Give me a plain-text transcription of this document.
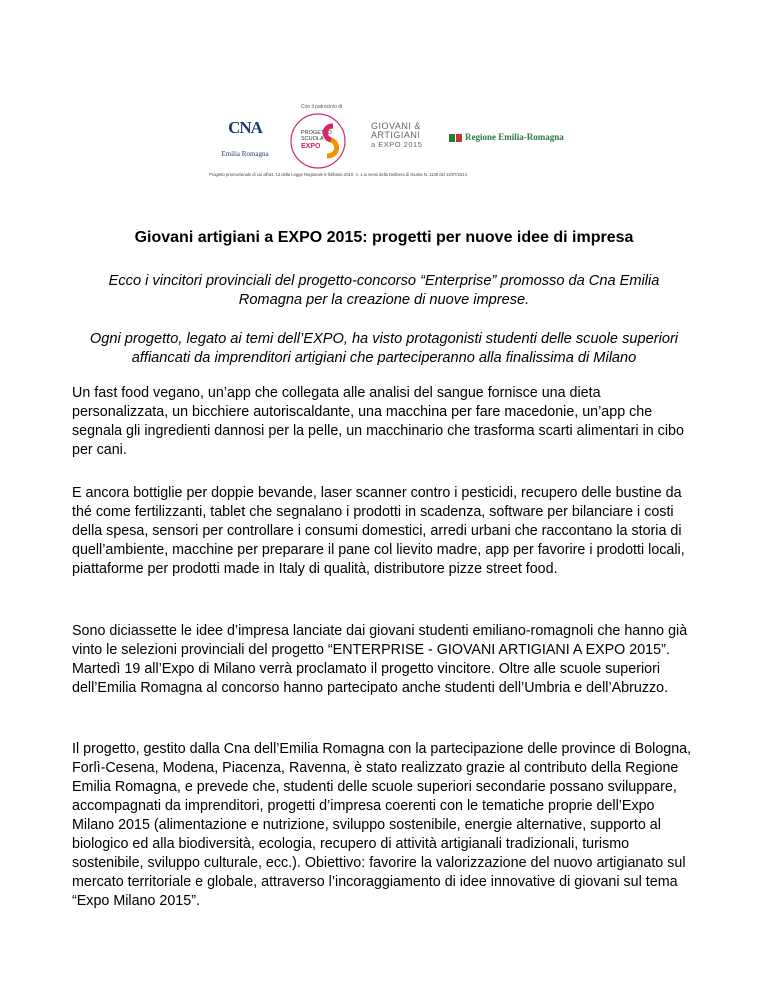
CNA
Emilia Romagna
Con il patrocinio di
PROGETTO
SCUOLA
EXPO
GIOVANI &
ARTIGIANI
a EXPO 2015
Regione Emilia-Romagna
Progetto promozionale di cui all'art. 13 della Legge Regionale 9 febbraio 2010, n. 1 ai sensi della Delibera di Giunta N. 1138 del 14/07/2014
Giovani artigiani a EXPO 2015: progetti per nuove idee di impresa

Ecco i vincitori provinciali del progetto-concorso “Enterprise” promosso da Cna Emilia Romagna per la creazione di nuove imprese.

Ogni progetto, legato ai temi dell’EXPO, ha visto protagonisti studenti delle scuole superiori affiancati da imprenditori artigiani che parteciperanno alla finalissima di Milano

Un fast food vegano, un’app che collegata alle analisi del sangue fornisce una dieta personalizzata, un bicchiere autoriscaldante, una macchina per fare macedonie, un’app che segnala gli ingredienti dannosi per la pelle, un macchinario che trasforma scarti alimentari in cibo per cani.

E ancora bottiglie per doppie bevande, laser scanner contro i pesticidi, recupero delle bustine da thé come fertilizzanti, tablet che segnalano i prodotti in scadenza, software per bilanciare i costi della spesa, sensori per controllare i consumi domestici, arredi urbani che raccontano la storia di quell’ambiente, macchine per preparare il pane col lievito madre, app per favorire i prodotti locali, piattaforme per prodotti made in Italy di qualità, distributore pizze street food.

Sono diciassette le idee d’impresa lanciate dai giovani studenti emiliano-romagnoli che hanno già vinto le selezioni provinciali del progetto “ENTERPRISE - GIOVANI ARTIGIANI A EXPO 2015”. Martedì 19 all’Expo di Milano verrà proclamato il progetto vincitore. Oltre alle scuole superiori dell’Emilia Romagna al concorso hanno partecipato anche studenti dell’Umbria e dell’Abruzzo.

Il progetto, gestito dalla Cna dell’Emilia Romagna con la partecipazione delle province di Bologna, Forlì-Cesena, Modena, Piacenza, Ravenna, è stato realizzato grazie al contributo della Regione Emilia Romagna, e prevede che, studenti delle scuole superiori secondarie possano sviluppare, accompagnati da imprenditori, progetti d’impresa coerenti con le tematiche proprie dell’Expo Milano 2015 (alimentazione e nutrizione, sviluppo sostenibile, energie alternative, supporto al biologico ed alla biodiversità, ecologia, recupero di attività artigianali tradizionali, turismo sostenibile, sviluppo culturale, ecc.). Obiettivo: favorire la valorizzazione del nuovo artigianato sul mercato territoriale e globale, attraverso l’incoraggiamento di idee innovative di giovani sul tema “Expo Milano 2015”.
